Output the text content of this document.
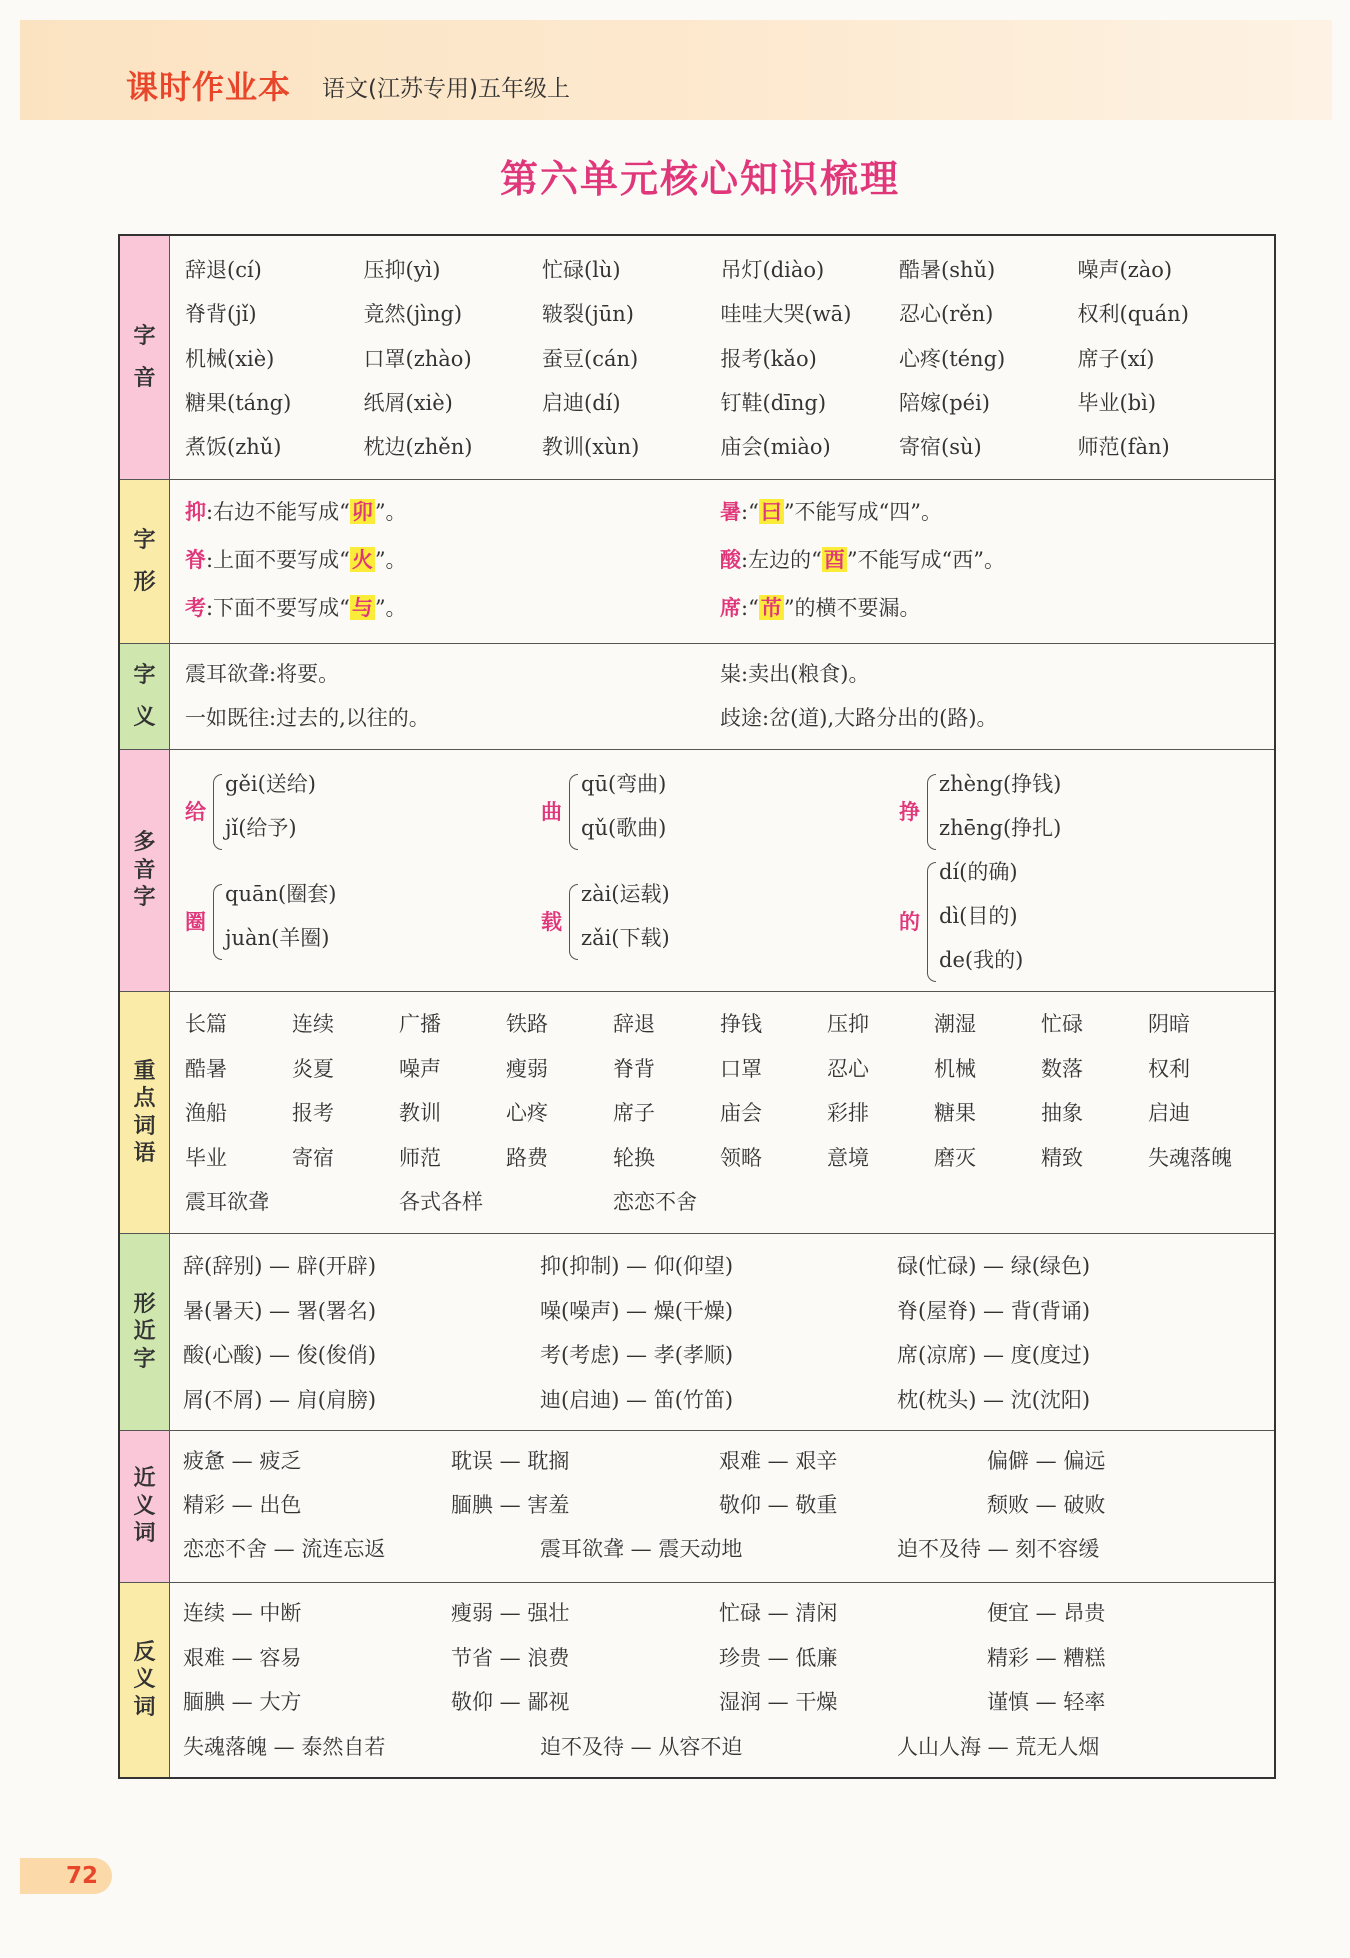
课时作业本 语文(江苏专用)五年级上
第六单元核心知识梳理
字
音
辞退(cí)	压抑(yì)	忙碌(lù)	吊灯(diào)	酷暑(shǔ)	噪声(zào)
脊背(jǐ)	竟然(jìng)	皲裂(jūn)	哇哇大哭(wā) 忍心(rěn)	权利(quán)
机械(xiè)	口罩(zhào)	蚕豆(cán)	报考(kǎo)	心疼(téng)	席子(xí)
糖果(táng)	纸屑(xiè)	启迪(dí)	钉鞋(dīng)	陪嫁(péi)	毕业(bì)
煮饭(zhǔ)	枕边(zhěn)	教训(xùn)	庙会(miào)	寄宿(sù)	师范(fàn)
字
形
抑:右边不能写成“卯”。	暑:“曰”不能写成“四”。
脊:上面不要写成“火”。	酸:左边的“酉”不能写成“西”。
考:下面不要写成“与”。	席:“芇”的横不要漏。
字
义
震耳欲聋:将要。	粜:卖出(粮食)。
一如既往:过去的,以往的。	歧途:岔(道),大路分出的(路)。
多
音
字
给
gěi(送给)
jǐ(给予)
曲
qū(弯曲)
qǔ(歌曲)
挣
zhèng(挣钱)
zhēng(挣扎)
圈
quān(圈套)
juàn(羊圈)
载
zài(运载)
zǎi(下载)
的
dí(的确)
dì(目的)
de(我的)
重
点
词
语
长篇	连续	广播	铁路	辞退	挣钱	压抑	潮湿	忙碌	阴暗
酷暑	炎夏	噪声	瘦弱	脊背	口罩	忍心	机械	数落	权利
渔船	报考	教训	心疼	席子	庙会	彩排	糖果	抽象	启迪
毕业	寄宿	师范	路费	轮换	领略	意境	磨灭	精致	失魂落魄
震耳欲聋	各式各样	恋恋不舍
形
近
字
辞(辞别) — 辟(开辟)	抑(抑制) — 仰(仰望)	碌(忙碌) — 绿(绿色)
暑(暑天) — 署(署名)	噪(噪声) — 燥(干燥)	脊(屋脊) — 背(背诵)
酸(心酸) — 俊(俊俏)	考(考虑) — 孝(孝顺)	席(凉席) — 度(度过)
屑(不屑) — 肩(肩膀)	迪(启迪) — 笛(竹笛)	枕(枕头) — 沈(沈阳)
近
义
词
疲惫 — 疲乏	耽误 — 耽搁	艰难 — 艰辛	偏僻 — 偏远
精彩 — 出色	腼腆 — 害羞	敬仰 — 敬重	颓败 — 破败
恋恋不舍 — 流连忘返	震耳欲聋 — 震天动地	迫不及待 — 刻不容缓
反
义
词
连续 — 中断	瘦弱 — 强壮	忙碌 — 清闲	便宜 — 昂贵
艰难 — 容易	节省 — 浪费	珍贵 — 低廉	精彩 — 糟糕
腼腆 — 大方	敬仰 — 鄙视	湿润 — 干燥	谨慎 — 轻率
失魂落魄 — 泰然自若	迫不及待 — 从容不迫	人山人海 — 荒无人烟
72
